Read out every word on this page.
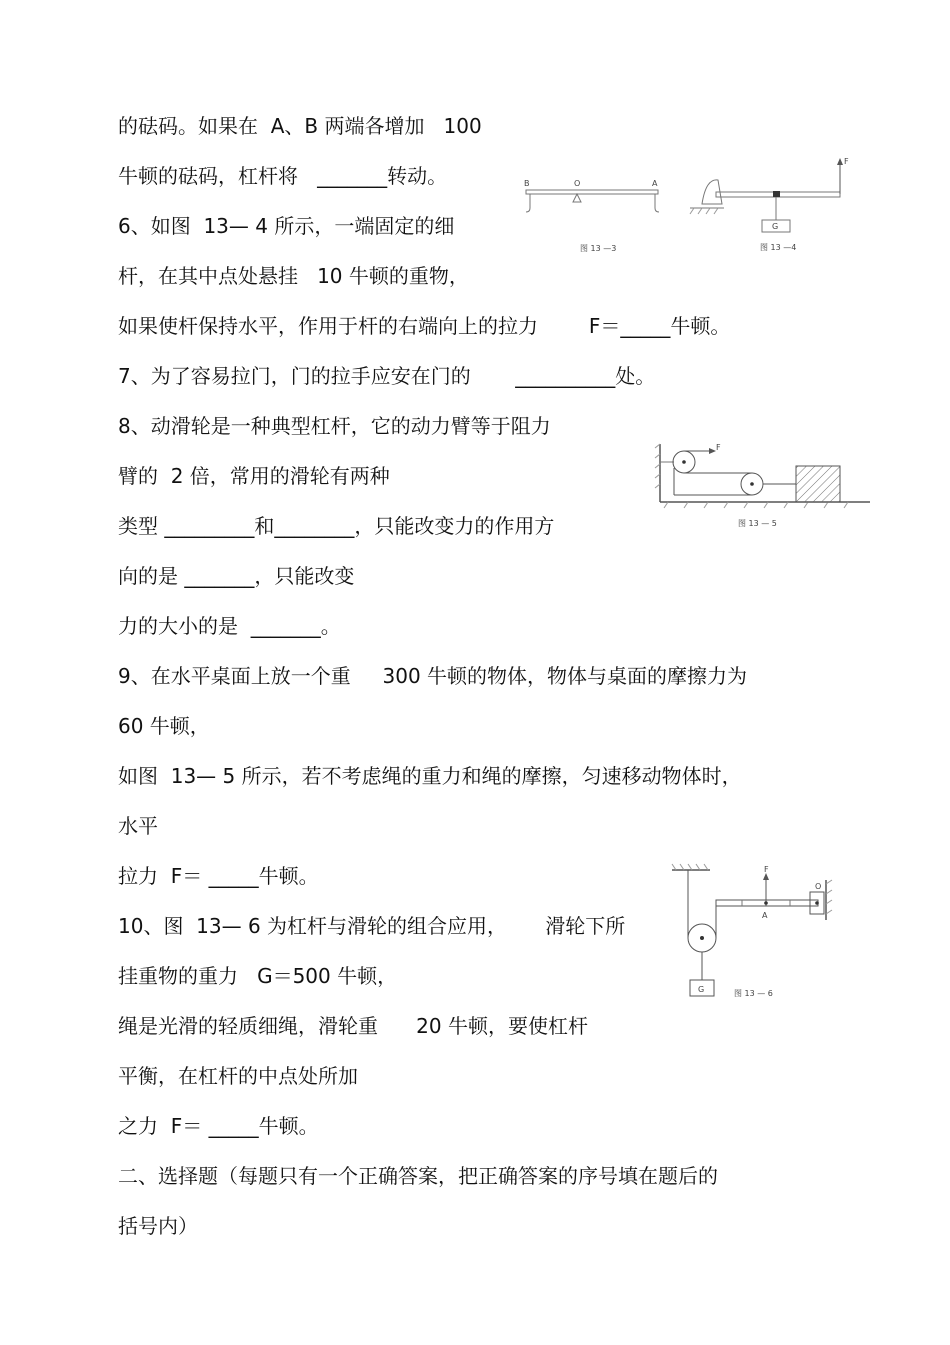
的砝码。如果在  A、B 两端各增加   100
牛顿的砝码，杠杆将   _______转动。
6、如图  13— 4 所示，一端固定的细
杆，在其中点处悬挂   10 牛顿的重物，
如果使杆保持水平，作用于杆的右端向上的拉力        F＝_____牛顿。
7、为了容易拉门，门的拉手应安在门的       __________处。
8、动滑轮是一种典型杠杆，它的动力臂等于阻力
臂的  2 倍，常用的滑轮有两种
类型 _________和________，只能改变力的作用方
向的是 _______，只能改变
力的大小的是  _______。
9、在水平桌面上放一个重     300 牛顿的物体，物体与桌面的摩擦力为
60 牛顿，
如图  13— 5 所示，若不考虑绳的重力和绳的摩擦，匀速移动物体时，
水平
拉力  F＝ _____牛顿。
10、图  13— 6 为杠杆与滑轮的组合应用，      滑轮下所
挂重物的重力   G＝500 牛顿，
绳是光滑的轻质细绳，滑轮重      20 牛顿，要使杠杆
平衡，在杠杆的中点处所加
之力  F＝ _____牛顿。
二、选择题（每题只有一个正确答案，把正确答案的序号填在题后的
括号内）
B	O	A
图 13 —3
F
G
图 13 —4
F
图 13 — 5
F
A
O
G	图 13 — 6
